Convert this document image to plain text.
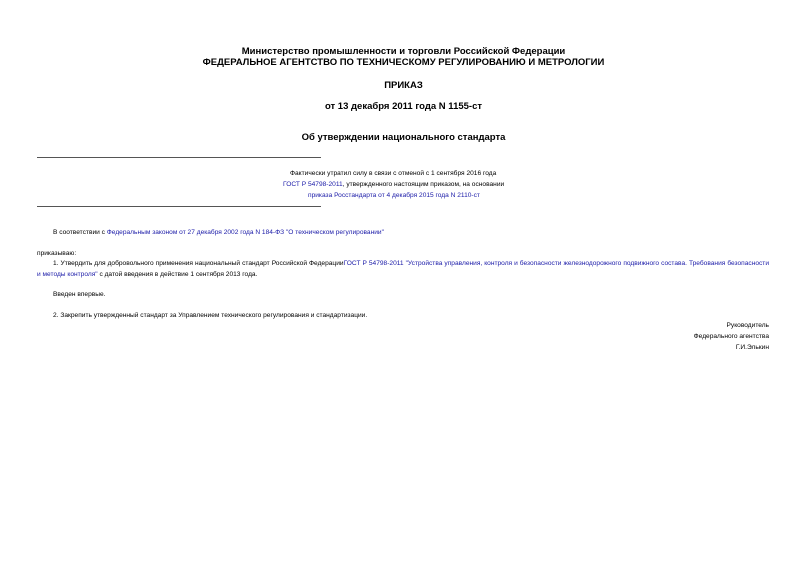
Министерство промышленности и торговли Российской Федерации
ФЕДЕРАЛЬНОЕ АГЕНТСТВО ПО ТЕХНИЧЕСКОМУ РЕГУЛИРОВАНИЮ И МЕТРОЛОГИИ
ПРИКАЗ
от 13 декабря 2011 года N 1155-ст
Об утверждении национального стандарта
Фактически утратил силу в связи с отменой с 1 сентября 2016 года
ГОСТ Р 54798-2011, утвержденного настоящим приказом, на основании
приказа Росстандарта от 4 декабря 2015 года N 2110-ст
В соответствии с Федеральным законом от 27 декабря 2002 года N 184-ФЗ "О техническом регулировании"
приказываю:
1. Утвердить для добровольного применения национальный стандарт Российской ФедерацииГОСТ Р 54798-2011 "Устройства управления, контроля и безопасности железнодорожного подвижного состава. Требования безопасности и методы контроля" с датой введения в действие 1 сентября 2013 года.
Введен впервые.
2. Закрепить утвержденный стандарт за Управлением технического регулирования и стандартизации.
Руководитель
Федерального агентства
Г.И.Элькин
